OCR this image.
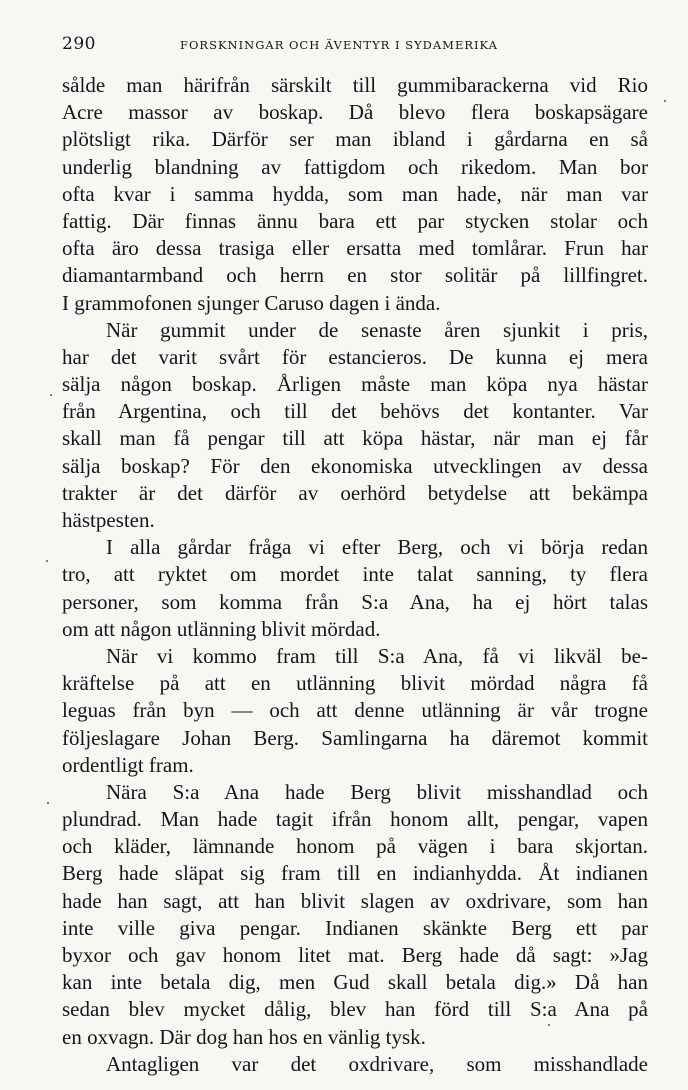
290	FORSKNINGAR OCH ÄVENTYR I SYDAMERIKA
sålde man härifrån särskilt till gummibarackerna vid Rio
Acre massor av boskap. Då blevo flera boskapsägare
plötsligt rika. Därför ser man ibland i gårdarna en så
underlig blandning av fattigdom och rikedom. Man bor
ofta kvar i samma hydda, som man hade, när man var
fattig. Där finnas ännu bara ett par stycken stolar och
ofta äro dessa trasiga eller ersatta med tomlårar. Frun har
diamantarmband och herrn en stor solitär på lillfingret.
I grammofonen sjunger Caruso dagen i ända.
När gummit under de senaste åren sjunkit i pris,
har det varit svårt för estancieros. De kunna ej mera
sälja någon boskap. Årligen måste man köpa nya hästar
från Argentina, och till det behövs det kontanter. Var
skall man få pengar till att köpa hästar, när man ej får
sälja boskap? För den ekonomiska utvecklingen av dessa
trakter är det därför av oerhörd betydelse att bekämpa
hästpesten.
I alla gårdar fråga vi efter Berg, och vi börja redan
tro, att ryktet om mordet inte talat sanning, ty flera
personer, som komma från S:a Ana, ha ej hört talas
om att någon utlänning blivit mördad.
När vi kommo fram till S:a Ana, få vi likväl be-
kräftelse på att en utlänning blivit mördad några få
leguas från byn — och att denne utlänning är vår trogne
följeslagare Johan Berg. Samlingarna ha däremot kommit
ordentligt fram.
Nära S:a Ana hade Berg blivit misshandlad och
plundrad. Man hade tagit ifrån honom allt, pengar, vapen
och kläder, lämnande honom på vägen i bara skjortan.
Berg hade släpat sig fram till en indianhydda. Åt indianen
hade han sagt, att han blivit slagen av oxdrivare, som han
inte ville giva pengar. Indianen skänkte Berg ett par
byxor och gav honom litet mat. Berg hade då sagt: »Jag
kan inte betala dig, men Gud skall betala dig.» Då han
sedan blev mycket dålig, blev han förd till S:a Ana på
en oxvagn. Där dog han hos en vänlig tysk.
Antagligen var det oxdrivare, som misshandlade
